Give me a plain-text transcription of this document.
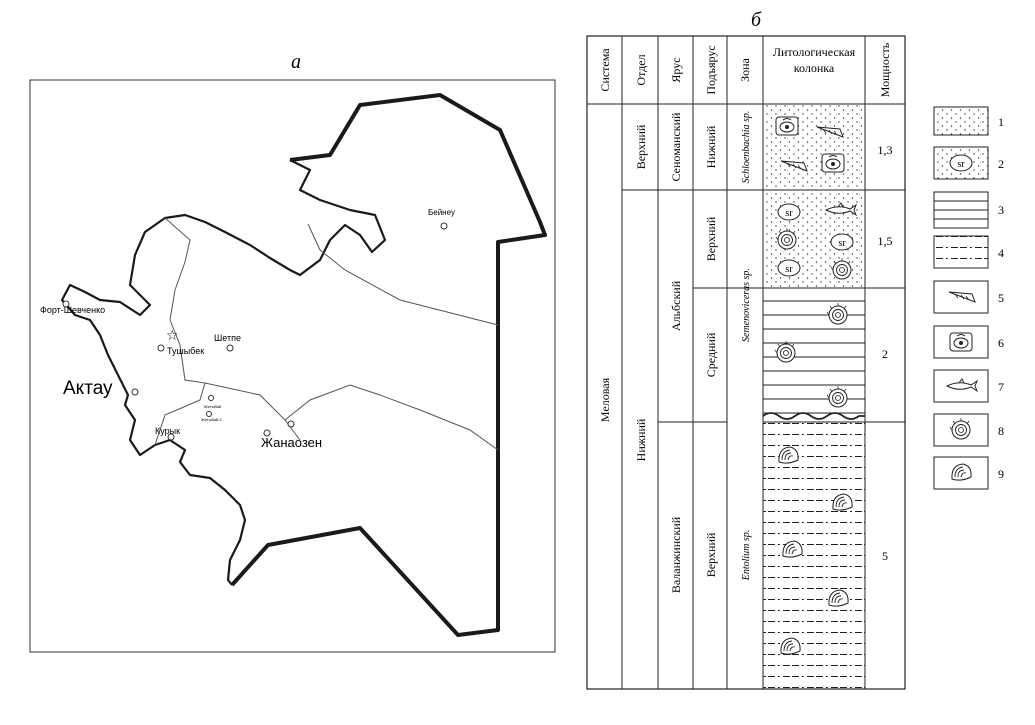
а
б
Бейнеу
Форт-Шевченко
☆
Тушыбек
Шетпе
Актау
Курык
Жанаозен
Жетыбай
Жетыбай-2
Система Отдел Ярус Подъярус Зона
Литологическая
колонка	Мощность
Меловая
Верхний
Нижний
Сеноманский
Альбский
Валанжинский
Нижний
Верхний
Средний
Верхний
Schloenbachia sp.
Semenoviceras sp.
Entolium sp.
1,3
1,5
2
5
sr
sr
sr
1
sr	2
3
4
5
6
7
8
9
